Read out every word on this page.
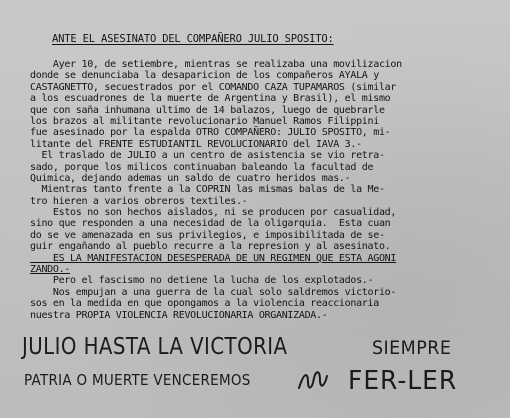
ANTE EL ASESINATO DEL COMPAÑERO JULIO SPOSITO:
Ayer 10, de setiembre, mientras se realizaba una movilizacion
donde se denunciaba la desaparicion de los compañeros AYALA y
CASTAGNETTO, secuestrados por el COMANDO CAZA TUPAMAROS (similar
a los escuadrones de la muerte de Argentina y Brasil), el mismo
que con saña inhumana ultimo de 14 balazos, luego de quebrarle
los brazos al militante revolucionario Manuel Ramos Filippini
fue asesinado por la espalda OTRO COMPAÑERO: JULIO SPOSITO, mi-
litante del FRENTE ESTUDIANTIL REVOLUCIONARIO del IAVA 3.-
El traslado de JULIO a un centro de asistencia se vio retra-
sado, porque los milicos continuaban baleando la facultad de
Quimica, dejando ademas un saldo de cuatro heridos mas.-
Mientras tanto frente a la COPRIN las mismas balas de la Me-
tro hieren a varios obreros textiles.-
Estos no son hechos aislados, ni se producen por casualidad,
sino que responden a una necesidad de la oligarquia.  Esta cuan
do se ve amenazada en sus privilegios, e imposibilitada de se-
guir engañando al pueblo recurre a la represion y al asesinato.
ES LA MANIFESTACION DESESPERADA DE UN REGIMEN QUE ESTA AGONI
ZANDO.-
Pero el fascismo no detiene la lucha de los explotados.-
Nos empujan a una guerra de la cual solo saldremos victorio-
sos en la medida en que opongamos a la violencia reaccionaria
nuestra PROPIA VIOLENCIA REVOLUCIONARIA ORGANIZADA.-
JULIO HASTA LA VICTORIA	SIEMPRE
PATRIA O MUERTE VENCEREMOS	FER-LER
